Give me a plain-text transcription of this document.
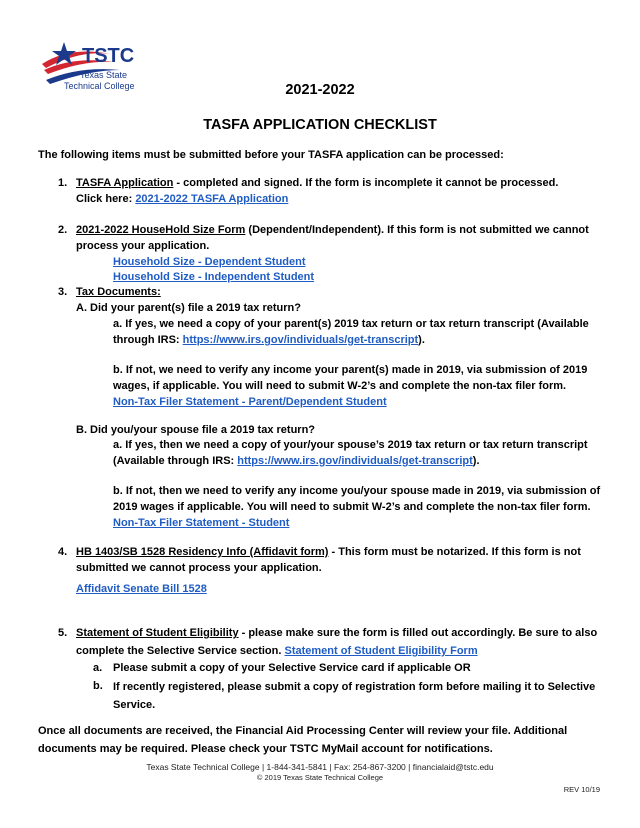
TSTC
Texas State
Technical College	2021-2022
TASFA APPLICATION CHECKLIST
The following items must be submitted before your TASFA application can be processed:
1. TASFA Application - completed and signed. If the form is incomplete it cannot be processed.
Click here: 2021-2022 TASFA Application
2. 2021-2022 HouseHold Size Form (Dependent/Independent). If this form is not submitted we cannot
process your application.
Household Size - Dependent Student
Household Size - Independent Student
3. Tax Documents:
A. Did your parent(s) file a 2019 tax return?
a. If yes, we need a copy of your parent(s) 2019 tax return or tax return transcript (Available
through IRS: https://www.irs.gov/individuals/get-transcript).
b. If not, we need to verify any income your parent(s) made in 2019, via submission of 2019
wages, if applicable. You will need to submit W-2’s and complete the non-tax filer form.
Non-Tax Filer Statement - Parent/Dependent Student
B. Did you/your spouse file a 2019 tax return?
a. If yes, then we need a copy of your/your spouse’s 2019 tax return or tax return transcript
(Available through IRS: https://www.irs.gov/individuals/get-transcript).
b. If not, then we need to verify any income you/your spouse made in 2019, via submission of
2019 wages if applicable. You will need to submit W-2’s and complete the non-tax filer form.
Non-Tax Filer Statement - Student
4. HB 1403/SB 1528 Residency Info (Affidavit form) - This form must be notarized. If this form is not
submitted we cannot process your application.
Affidavit Senate Bill 1528
5. Statement of Student Eligibility - please make sure the form is filled out accordingly. Be sure to also
complete the Selective Service section. Statement of Student Eligibility Form
a. Please submit a copy of your Selective Service card if applicable OR
b. If recently registered, please submit a copy of registration form before mailing it to Selective
Service.
Once all documents are received, the Financial Aid Processing Center will review your file. Additional
documents may be required. Please check your TSTC MyMail account for notifications.
Texas State Technical College | 1-844-341-5841 | Fax: 254-867-3200 | financialaid@tstc.edu
© 2019 Texas State Technical College
REV 10/19
